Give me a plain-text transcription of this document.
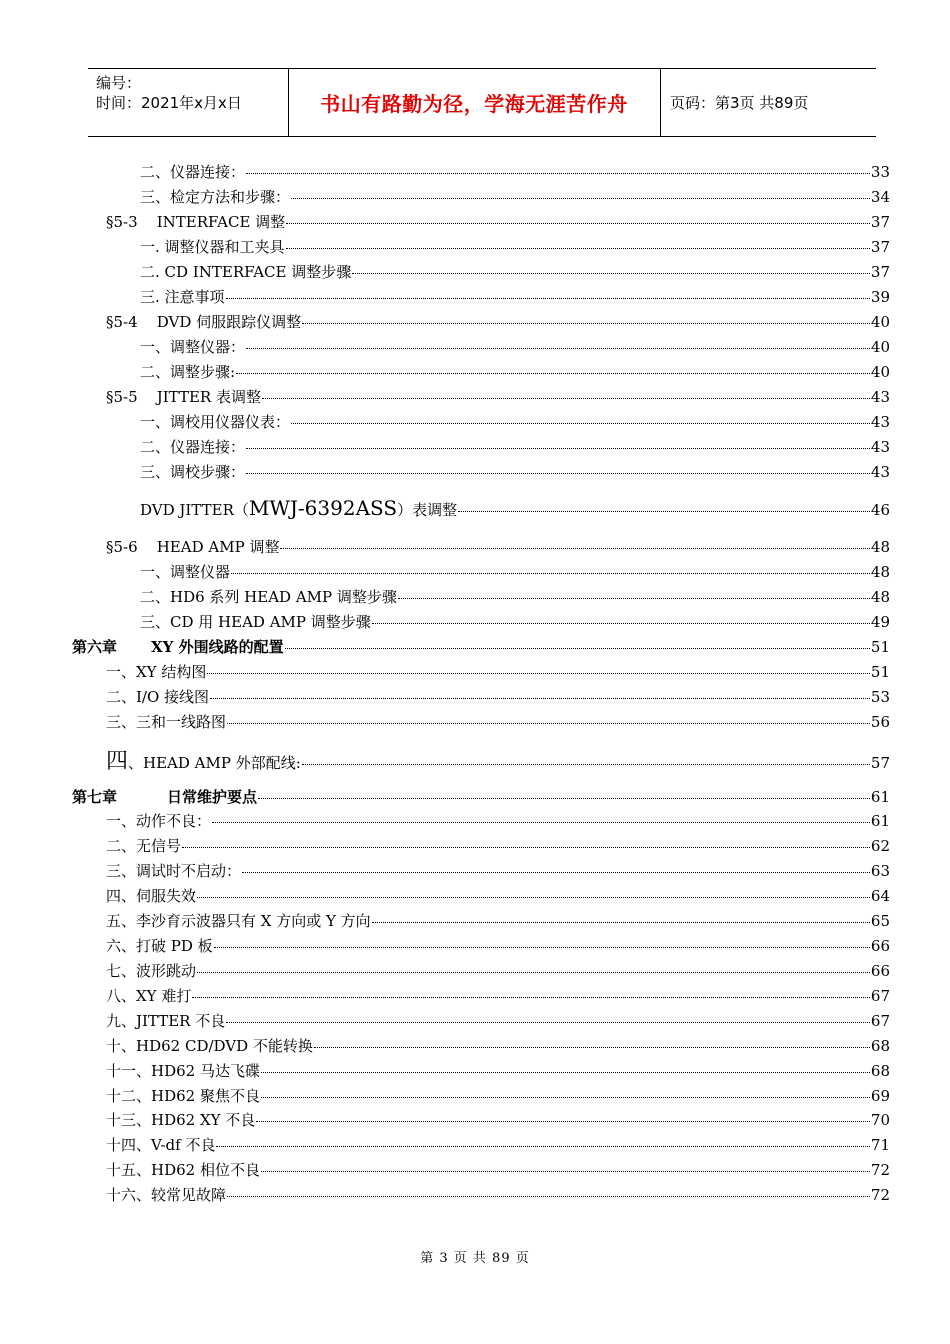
编号：
时间：2021年x月x日	书山有路勤为径，学海无涯苦作舟	页码：第3页 共89页
二、仪器连接：	33
三、检定方法和步骤：	34
§5-3    INTERFACE 调整	37
一. 调整仪器和工夹具	37
二. CD INTERFACE 调整步骤	37
三. 注意事项	39
§5-4    DVD 伺服跟踪仪调整	40
一、调整仪器：	40
二、调整步骤:	40
§5-5    JITTER 表调整	43
一、调校用仪器仪表：	43
二、仪器连接：	43
三、调校步骤：	43
DVD JITTER（MWJ-6392ASS）表调整	46
§5-6    HEAD AMP 调整	48
一、调整仪器	48
二、HD6 系列 HEAD AMP 调整步骤	48
三、CD 用 HEAD AMP 调整步骤	49
第六章 XY 外围线路的配置	51
一、XY 结构图	51
二、I/O 接线图	53
三、三和一线路图	56
四、HEAD AMP 外部配线:	57
第七章	日常维护要点	61
一、动作不良：	61
二、无信号	62
三、调试时不启动：	63
四、伺服失效	64
五、李沙育示波器只有 X 方向或 Y 方向	65
六、打破 PD 板	66
七、波形跳动	66
八、XY 难打	67
九、JITTER 不良	67
十、HD62 CD/DVD 不能转换	68
十一、HD62 马达飞碟	68
十二、HD62 聚焦不良	69
十三、HD62 XY 不良	70
十四、V-df 不良	71
十五、HD62 相位不良	72
十六、较常见故障	72
第 3 页 共 89 页
